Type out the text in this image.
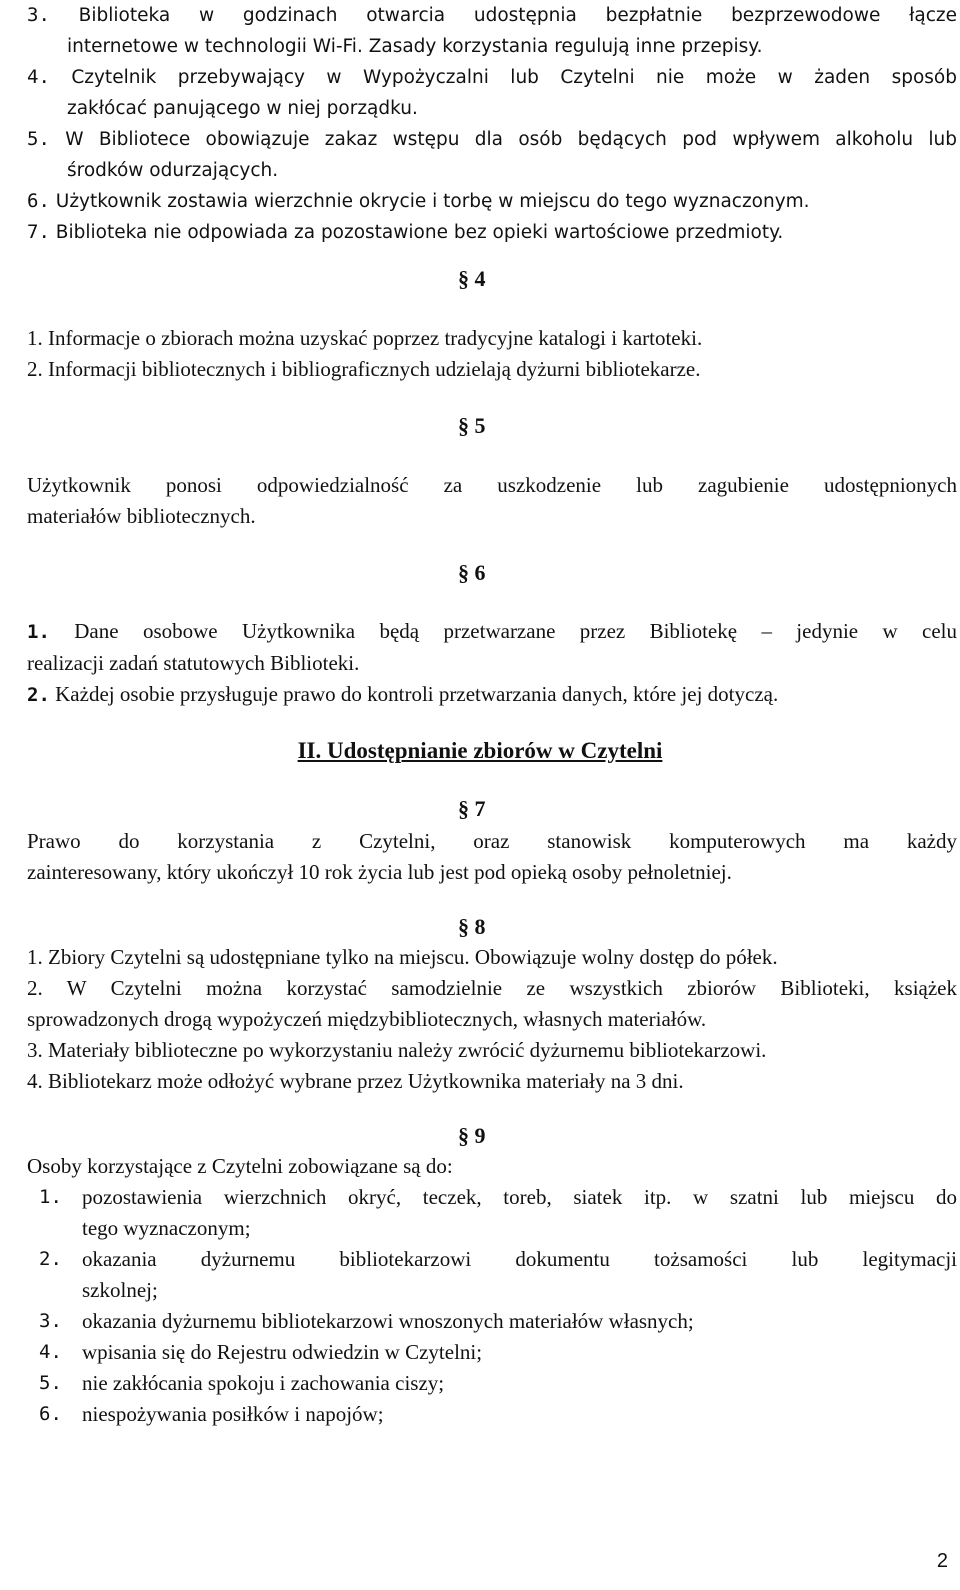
3. Biblioteka w godzinach otwarcia udostępnia bezpłatnie bezprzewodowe łącze
internetowe w technologii Wi-Fi. Zasady korzystania regulują inne przepisy.
4. Czytelnik przebywający w Wypożyczalni lub Czytelni nie może w żaden sposób
zakłócać panującego w niej porządku.
5. W Bibliotece obowiązuje zakaz wstępu dla osób będących pod wpływem alkoholu lub
środków odurzających.
6. Użytkownik zostawia wierzchnie okrycie i torbę w miejscu do tego wyznaczonym.
7. Biblioteka nie odpowiada za pozostawione bez opieki wartościowe przedmioty.
§ 4
1. Informacje o zbiorach można uzyskać poprzez tradycyjne katalogi i kartoteki.
2. Informacji bibliotecznych i bibliograficznych udzielają dyżurni bibliotekarze.
§ 5
Użytkownik ponosi odpowiedzialność za uszkodzenie lub zagubienie udostępnionych
materiałów bibliotecznych.
§ 6
1. Dane osobowe Użytkownika będą przetwarzane przez Bibliotekę – jedynie w celu
realizacji zadań statutowych Biblioteki.
2. Każdej osobie przysługuje prawo do kontroli przetwarzania danych, które jej dotyczą.
II. Udostępnianie zbiorów w Czytelni
§ 7
Prawo do korzystania z Czytelni, oraz stanowisk komputerowych ma każdy
zainteresowany, który ukończył 10 rok życia lub jest pod opieką osoby pełnoletniej.
§ 8
1. Zbiory Czytelni są udostępniane tylko na miejscu. Obowiązuje wolny dostęp do półek.
2. W Czytelni można korzystać samodzielnie ze wszystkich zbiorów Biblioteki, książek
sprowadzonych drogą wypożyczeń międzybibliotecznych, własnych materiałów.
3. Materiały biblioteczne po wykorzystaniu należy zwrócić dyżurnemu bibliotekarzowi.
4. Bibliotekarz może odłożyć wybrane przez Użytkownika materiały na 3 dni.
§ 9
Osoby korzystające z Czytelni zobowiązane są do:
1. pozostawienia wierzchnich okryć, teczek, toreb, siatek itp. w szatni lub miejscu do
tego wyznaczonym;
2. okazania dyżurnemu bibliotekarzowi dokumentu tożsamości lub legitymacji
szkolnej;
3. okazania dyżurnemu bibliotekarzowi wnoszonych materiałów własnych;
4. wpisania się do Rejestru odwiedzin w Czytelni;
5. nie zakłócania spokoju i zachowania ciszy;
6. niespożywania posiłków i napojów;
2
